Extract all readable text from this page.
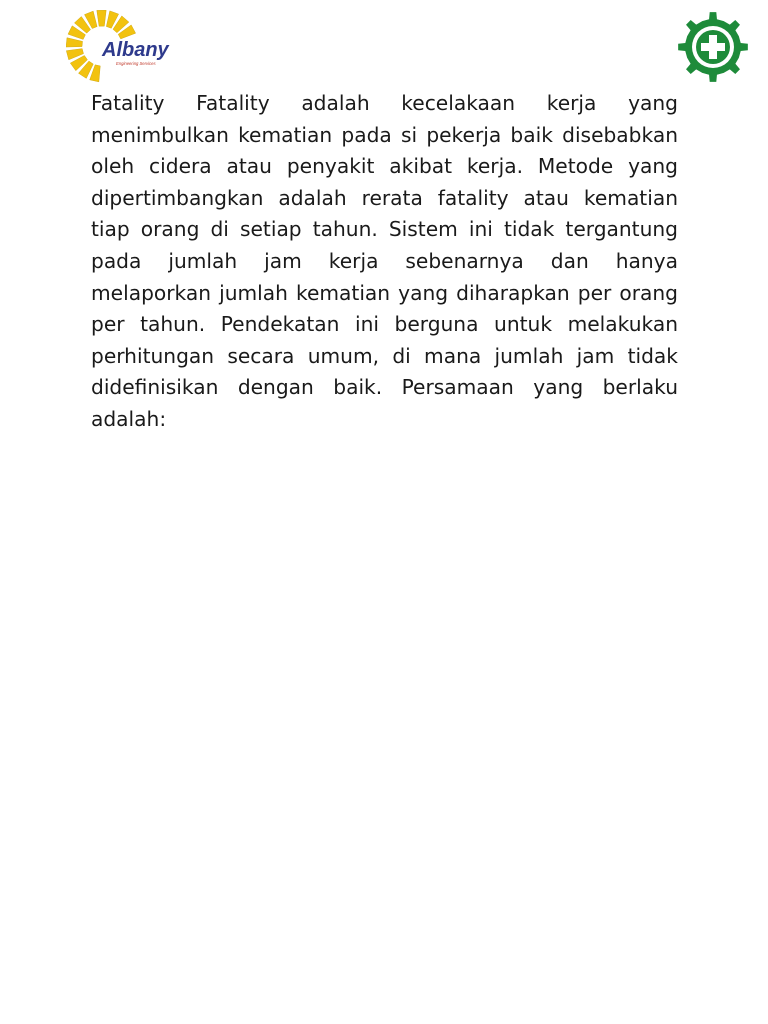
Albany
Engineering Services

Fatality Fatality adalah kecelakaan kerja yang menimbulkan kematian pada si pekerja baik disebabkan oleh cidera atau penyakit akibat kerja. Metode yang dipertimbangkan adalah rerata fatality atau kematian tiap orang di setiap tahun. Sistem ini tidak tergantung pada jumlah jam kerja sebenarnya dan hanya melaporkan jumlah kematian yang diharapkan per orang per tahun. Pendekatan ini berguna untuk melakukan perhitungan secara umum, di mana jumlah jam tidak didefinisikan dengan baik. Persamaan yang berlaku adalah:
